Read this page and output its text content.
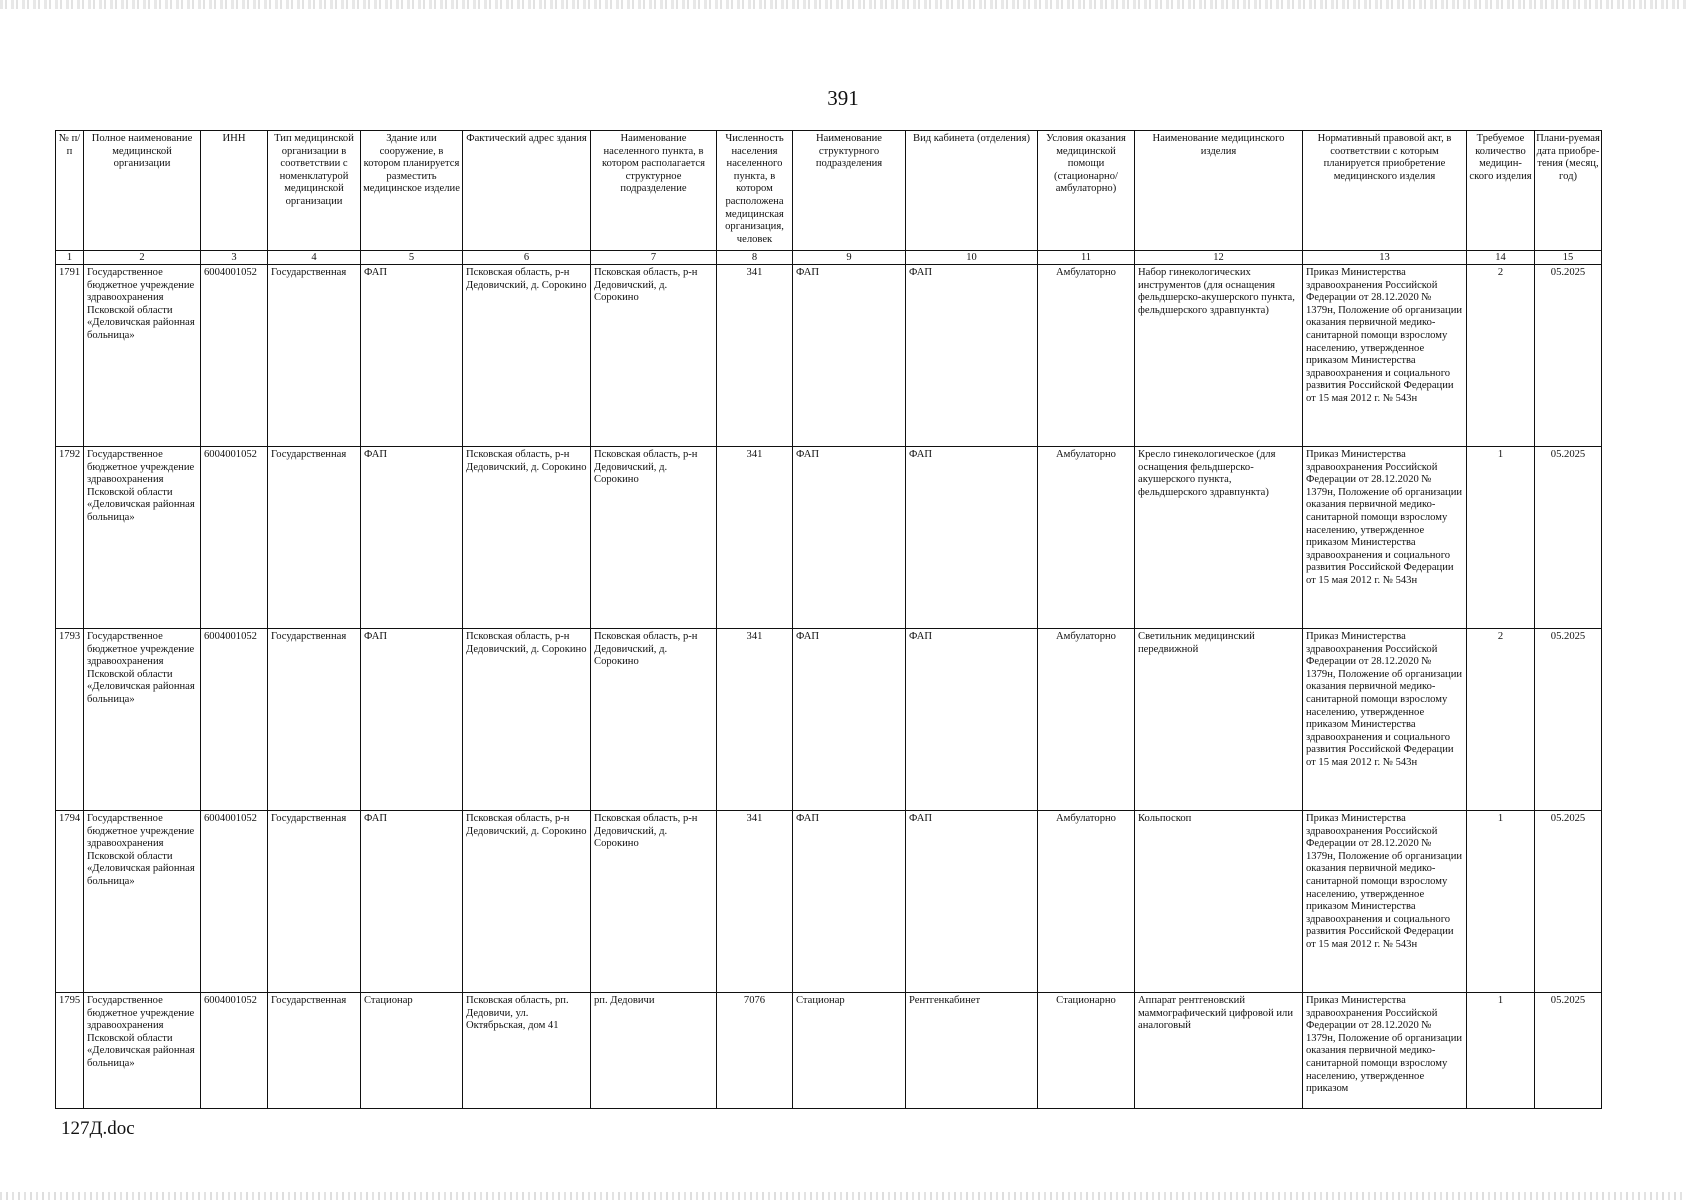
391
№ п/п	Полное наименование медицинской организации	ИНН	Тип медицинской организации в соответствии с номенклатурой медицинской организации	Здание или сооружение, в котором планируется разместить медицинское изделие	Фактический адрес здания	Наименование населенного пункта, в котором располагается структурное подразделение	Численность населения населенного пункта, в котором расположена медицинская организация, человек	Наименование структурного подразделения	Вид кабинета (отделения)	Условия оказания медицинской помощи (стационарно/ амбулаторно)	Наименование медицинского изделия	Нормативный правовой акт, в соответствии с которым планируется приобретение медицинского изделия	Требуемое количество медицин-ского изделия	Плани-руемая дата приобре-тения (месяц, год)
1	2	3	4	5	6	7	8	9	10	11	12	13	14	15
1791	Государственное бюджетное учреждение здравоохранения Псковской области «Деловичская районная больница»	6004001052	Государственная	ФАП	Псковская область, р-н Дедовичский, д. Сорокино	Псковская область, р-н Дедовичский, д. Сорокино	341	ФАП	ФАП	Амбулаторно	Набор гинекологических инструментов (для оснащения фельдшерско-акушерского пункта, фельдшерского здравпункта)	Приказ Министерства здравоохранения Российской Федерации от 28.12.2020 № 1379н, Положение об организации оказания первичной медико-санитарной помощи взрослому населению, утвержденное приказом Министерства здравоохранения и социального развития Российской Федерации от 15 мая 2012 г. № 543н	2	05.2025
1792	Государственное бюджетное учреждение здравоохранения Псковской области «Деловичская районная больница»	6004001052	Государственная	ФАП	Псковская область, р-н Дедовичский, д. Сорокино	Псковская область, р-н Дедовичский, д. Сорокино	341	ФАП	ФАП	Амбулаторно	Кресло гинекологическое (для оснащения фельдшерско-акушерского пункта, фельдшерского здравпункта)	Приказ Министерства здравоохранения Российской Федерации от 28.12.2020 № 1379н, Положение об организации оказания первичной медико-санитарной помощи взрослому населению, утвержденное приказом Министерства здравоохранения и социального развития Российской Федерации от 15 мая 2012 г. № 543н	1	05.2025
1793	Государственное бюджетное учреждение здравоохранения Псковской области «Деловичская районная больница»	6004001052	Государственная	ФАП	Псковская область, р-н Дедовичский, д. Сорокино	Псковская область, р-н Дедовичский, д. Сорокино	341	ФАП	ФАП	Амбулаторно	Светильник медицинский передвижной	Приказ Министерства здравоохранения Российской Федерации от 28.12.2020 № 1379н, Положение об организации оказания первичной медико-санитарной помощи взрослому населению, утвержденное приказом Министерства здравоохранения и социального развития Российской Федерации от 15 мая 2012 г. № 543н	2	05.2025
1794	Государственное бюджетное учреждение здравоохранения Псковской области «Деловичская районная больница»	6004001052	Государственная	ФАП	Псковская область, р-н Дедовичский, д. Сорокино	Псковская область, р-н Дедовичский, д. Сорокино	341	ФАП	ФАП	Амбулаторно	Кольпоскоп	Приказ Министерства здравоохранения Российской Федерации от 28.12.2020 № 1379н, Положение об организации оказания первичной медико-санитарной помощи взрослому населению, утвержденное приказом Министерства здравоохранения и социального развития Российской Федерации от 15 мая 2012 г. № 543н	1	05.2025
1795	Государственное бюджетное учреждение здравоохранения Псковской области «Деловичская районная больница»	6004001052	Государственная	Стационар	Псковская область, рп. Дедовичи, ул. Октябрьская, дом 41	рп. Дедовичи	7076	Стационар	Рентгенкабинет	Стационарно	Аппарат рентгеновский маммографический цифровой или аналоговый	Приказ Министерства здравоохранения Российской Федерации от 28.12.2020 № 1379н, Положение об организации оказания первичной медико-санитарной помощи взрослому населению, утвержденное приказом	1	05.2025
127Д.doc
